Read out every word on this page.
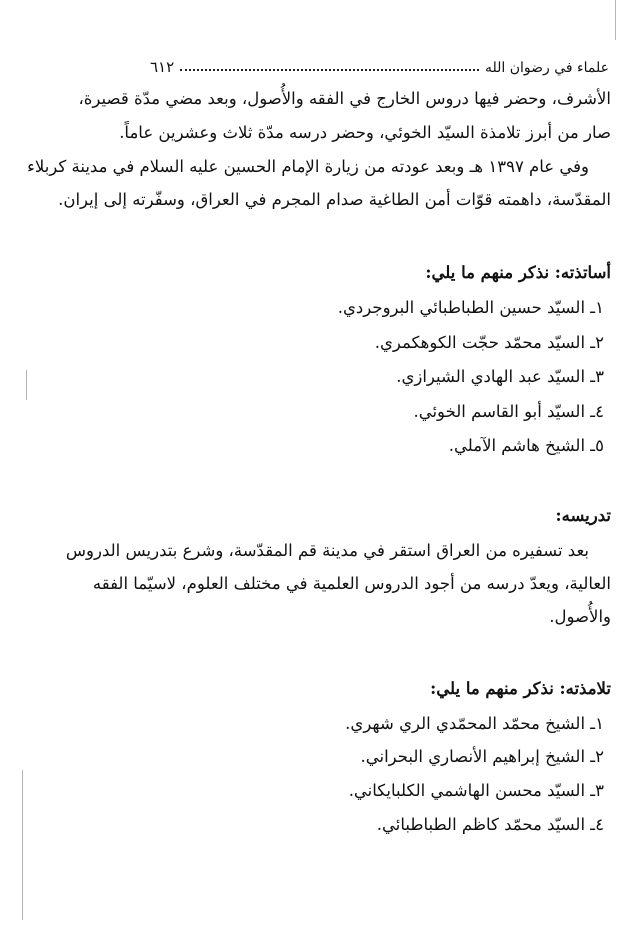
علماء في رضوان الله
٦١٢
الأشرف، وحضر فيها دروس الخارج في الفقه والأُصول، وبعد مضي مدّة قصيرة،
صار من أبرز تلامذة السيّد الخوئي، وحضر درسه مدّة ثلاث وعشرين عاماً.
وفي عام ١٣٩٧ هـ وبعد عودته من زيارة الإمام الحسين عليه السلام في مدينة كربلاء
المقدّسة، داهمته قوّات أمن الطاغية صدام المجرم في العراق، وسفّرته إلى إيران.
أساتذته: نذكر منهم ما يلي:
١ـ السيّد حسين الطباطبائي البروجردي.
٢ـ السيّد محمّد حجّت الكوهكمري.
٣ـ السيّد عبد الهادي الشيرازي.
٤ـ السيّد أبو القاسم الخوئي.
٥ـ الشيخ هاشم الآملي.
تدريسه:
بعد تسفيره من العراق استقر في مدينة قم المقدّسة، وشرع بتدريس الدروس
العالية، ويعدّ درسه من أجود الدروس العلمية في مختلف العلوم، لاسيّما الفقه
والأُصول.
تلامذته: نذكر منهم ما يلي:
١ـ الشيخ محمّد المحمّدي الري شهري.
٢ـ الشيخ إبراهيم الأنصاري البحراني.
٣ـ السيّد محسن الهاشمي الكلبايكاني.
٤ـ السيّد محمّد كاظم الطباطبائي.
